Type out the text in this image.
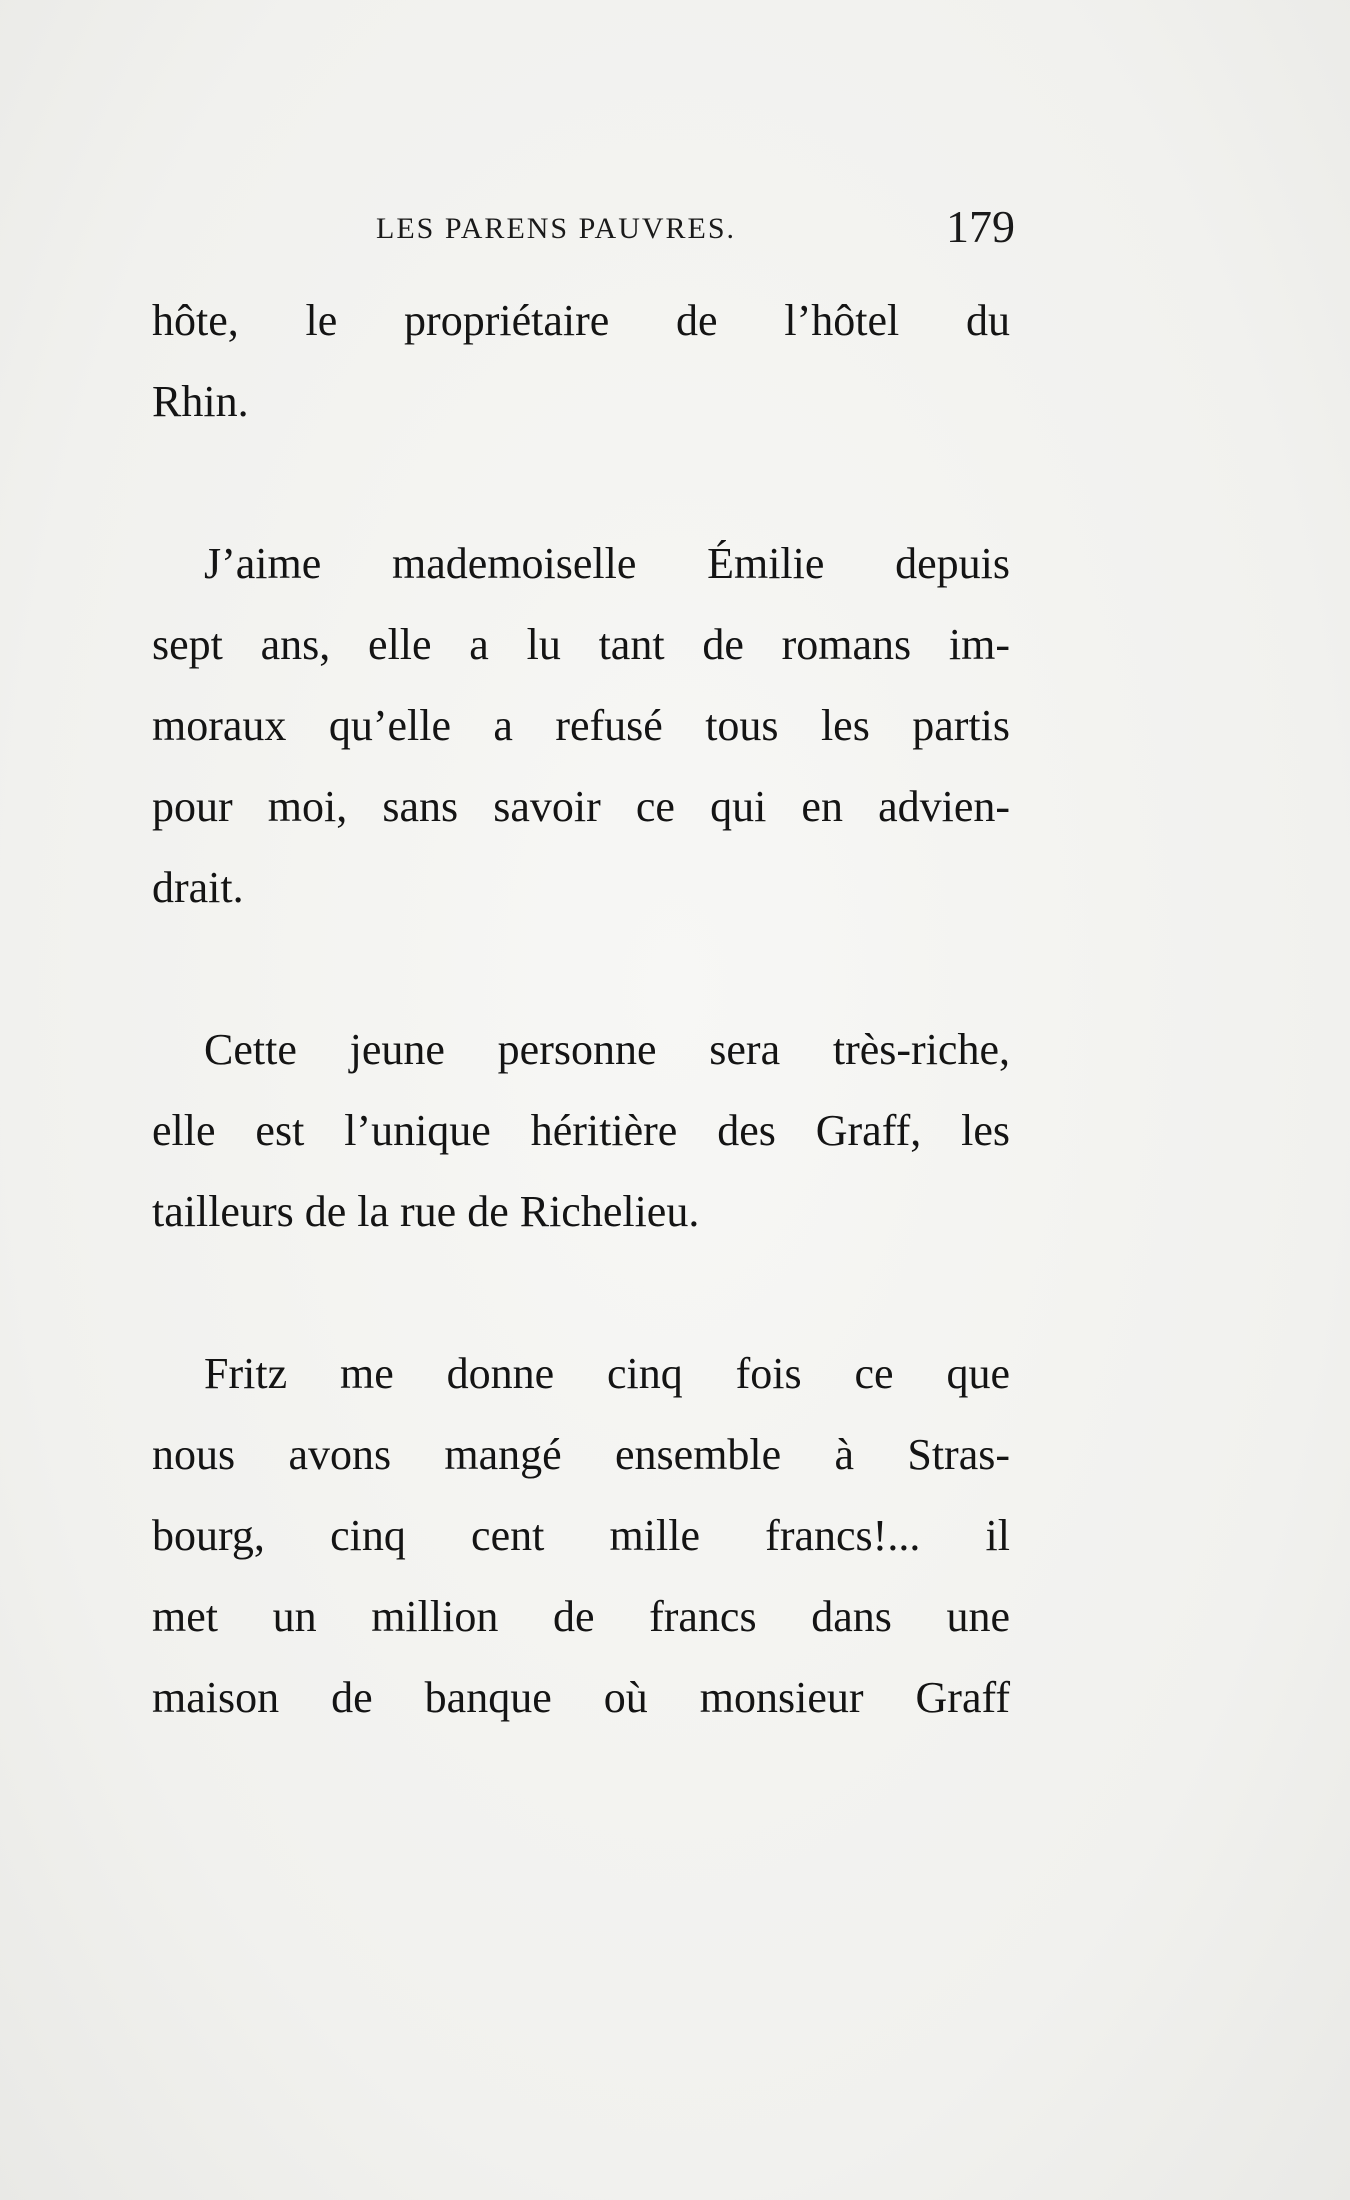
LES PARENS PAUVRES.	179
hôte, le propriétaire de l’hôtel du
Rhin.
J’aime mademoiselle Émilie depuis
sept ans, elle a lu tant de romans im-
moraux qu’elle a refusé tous les partis
pour moi, sans savoir ce qui en advien-
drait.
Cette jeune personne sera très-riche,
elle est l’unique héritière des Graff, les
tailleurs de la rue de Richelieu.
Fritz me donne cinq fois ce que
nous avons mangé ensemble à Stras-
bourg, cinq cent mille francs!... il
met un million de francs dans une
maison de banque où monsieur Graff
